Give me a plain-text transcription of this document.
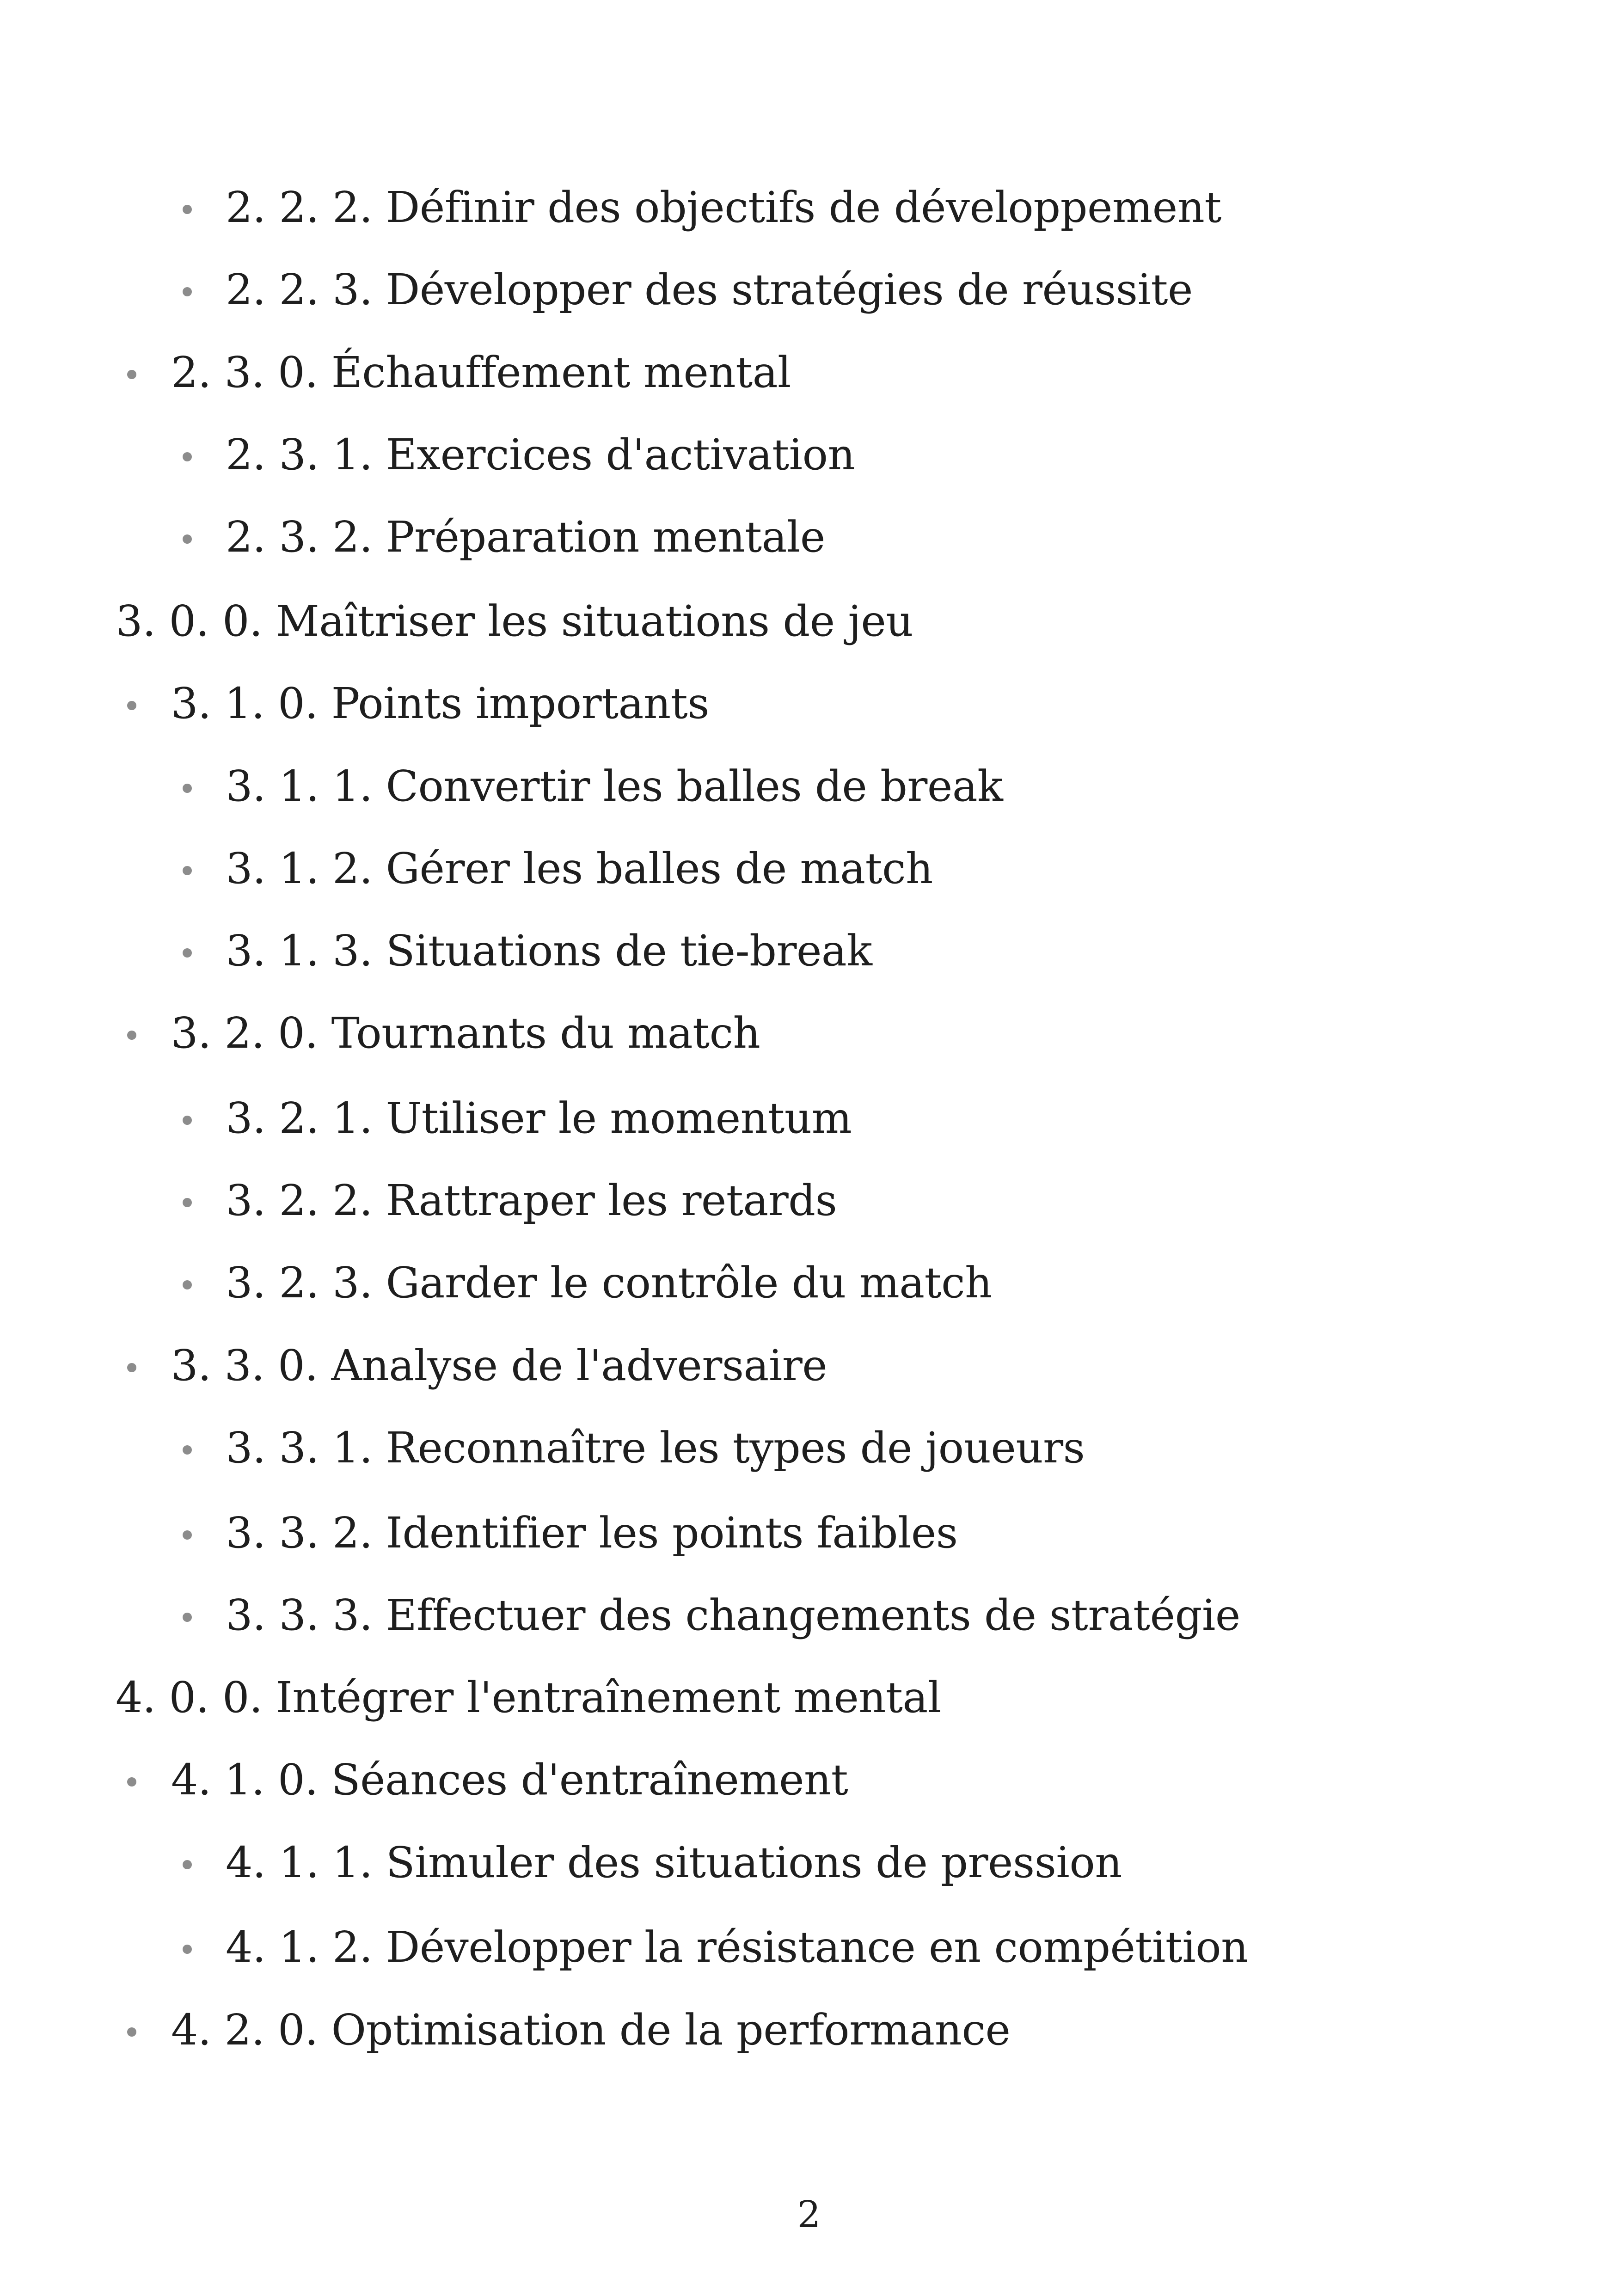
2. 2. 2. Définir des objectifs de développement
2. 2. 3. Développer des stratégies de réussite
2. 3. 0. Échauffement mental
2. 3. 1. Exercices d'activation
2. 3. 2. Préparation mentale
3. 0. 0. Maîtriser les situations de jeu
3. 1. 0. Points importants
3. 1. 1. Convertir les balles de break
3. 1. 2. Gérer les balles de match
3. 1. 3. Situations de tie-break
3. 2. 0. Tournants du match
3. 2. 1. Utiliser le momentum
3. 2. 2. Rattraper les retards
3. 2. 3. Garder le contrôle du match
3. 3. 0. Analyse de l'adversaire
3. 3. 1. Reconnaître les types de joueurs
3. 3. 2. Identifier les points faibles
3. 3. 3. Effectuer des changements de stratégie
4. 0. 0. Intégrer l'entraînement mental
4. 1. 0. Séances d'entraînement
4. 1. 1. Simuler des situations de pression
4. 1. 2. Développer la résistance en compétition
4. 2. 0. Optimisation de la performance
2
